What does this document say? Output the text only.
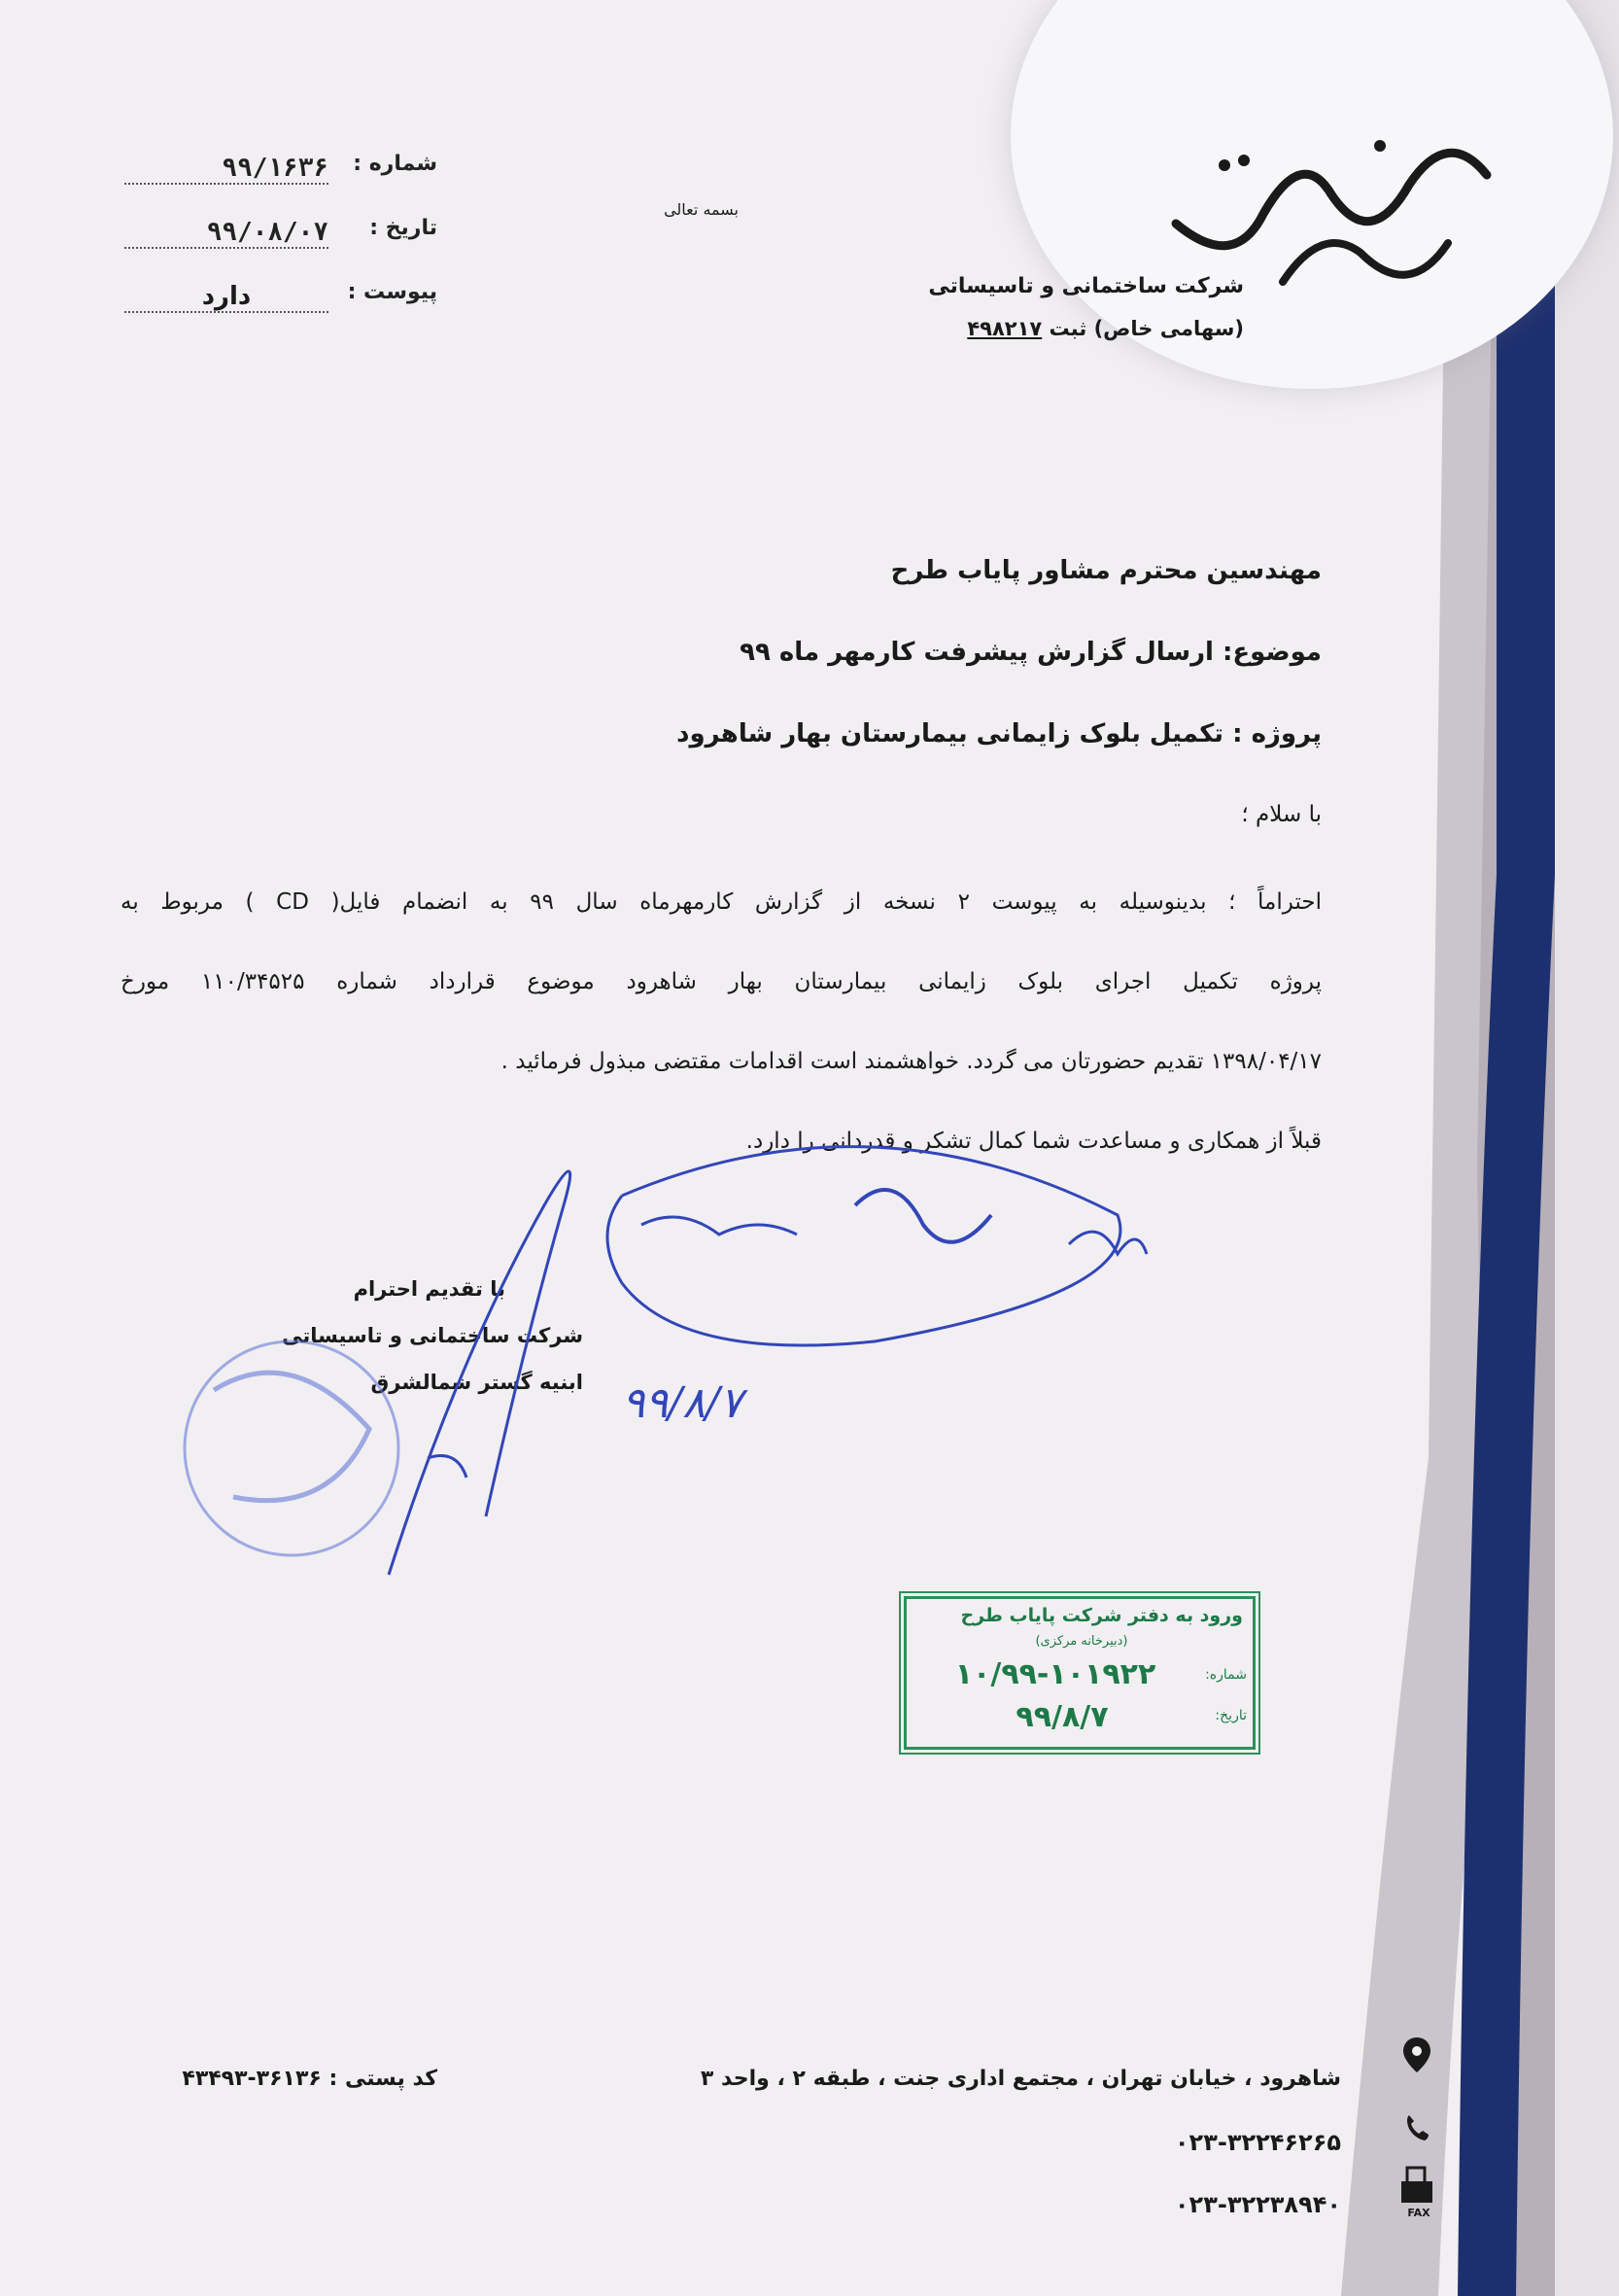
شرکت ساختمانی و تاسیساتی
(سهامی خاص) ثبت ۴۹۸۲۱۷
بسمه تعالی
شماره :
۹۹/۱۶۳۶
تاریخ :
۹۹/۰۸/۰۷
پیوست :
دارد
مهندسین محترم مشاور پایاب طرح
موضوع: ارسال گزارش پیشرفت کارمهر ماه ۹۹
پروژه : تکمیل بلوک زایمانی بیمارستان بهار شاهرود
با سلام ؛
احتراماً ؛ بدینوسیله به پیوست ۲ نسخه از گزارش کارمهرماه سال ۹۹ به انضمام فایل( CD ) مربوط به
پروژه تکمیل اجرای بلوک زایمانی بیمارستان بهار شاهرود موضوع قرارداد شماره ۱۱۰/۳۴۵۲۵ مورخ
۱۳۹۸/۰۴/۱۷ تقدیم حضورتان می گردد. خواهشمند است اقدامات مقتضی مبذول فرمائید .
قبلاً از همکاری و مساعدت شما کمال تشکر و قدردانی را دارد.
با تقدیم احترام
شرکت ساختمانی و تاسیساتی
ابنیه گستر شمالشرق ۹۹/۸/۷
ورود به دفتر شرکت پایاب طرح
(دبیرخانه مرکزی)
شماره:
۱۰/۹۹-۱۰۱۹۲۲
تاریخ:
۹۹/۸/۷
شاهرود ، خیابان تهران ، مجتمع اداری جنت ، طبقه ۲ ، واحد ۳
کد پستی : ۳۶۱۳۶-۴۳۴۹۳
۰۲۳-۳۲۲۴۶۲۶۵
۰۲۳-۳۲۲۳۸۹۴۰	FAX
